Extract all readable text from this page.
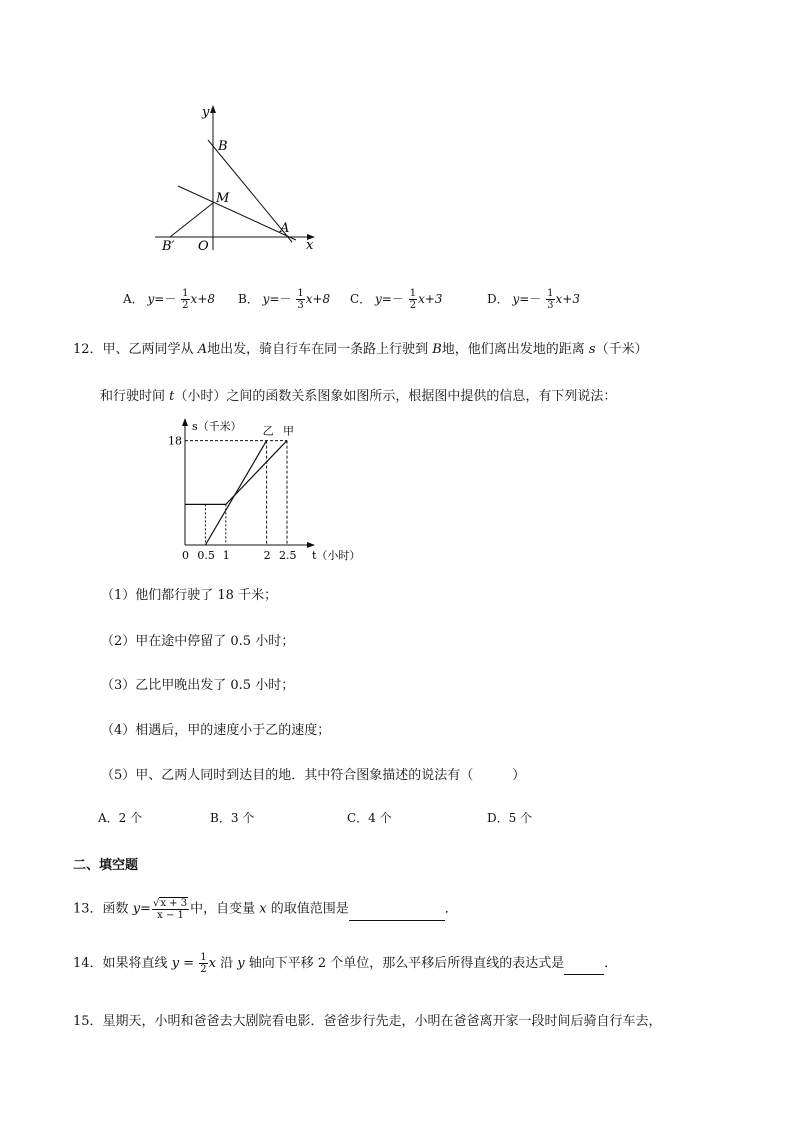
y
B
M
A
B′ O	x
A． $y=- \frac{1}{2} x+8$ B． $y=- \frac{1}{3} x+8$ C． $y=- \frac{1}{2} x+3$	D． $y=- \frac{1}{3} x+3$
12．甲、乙两同学从 A地出发，骑自行车在同一条路上行驶到 B地，他们离出发地的距离 s（千米）
和行驶时间 t（小时）之间的函数关系图象如图所示，根据图中提供的信息，有下列说法：
s（千米）
t（小时）
甲
乙
18
0 0.5 1	2 2.5
（1）他们都行驶了 18 千米；
（2）甲在途中停留了 0.5 小时；
（3）乙比甲晚出发了 0.5 小时；
（4）相遇后，甲的速度小于乙的速度；
（5）甲、乙两人同时到达目的地．其中符合图象描述的说法有（　　　）
A．2 个	B．3 个	C．4 个	D．5 个
二、填空题
13．函数 $y= \frac{√x + 3}{x - 1}$ 中，自变量 x 的取值范围是	．
14．如果将直线 $y = \frac{1}{2}$ x 沿 y 轴向下平移 2 个单位，那么平移后所得直线的表达式是	．
15．星期天，小明和爸爸去大剧院看电影．爸爸步行先走，小明在爸爸离开家一段时间后骑自行车去，
